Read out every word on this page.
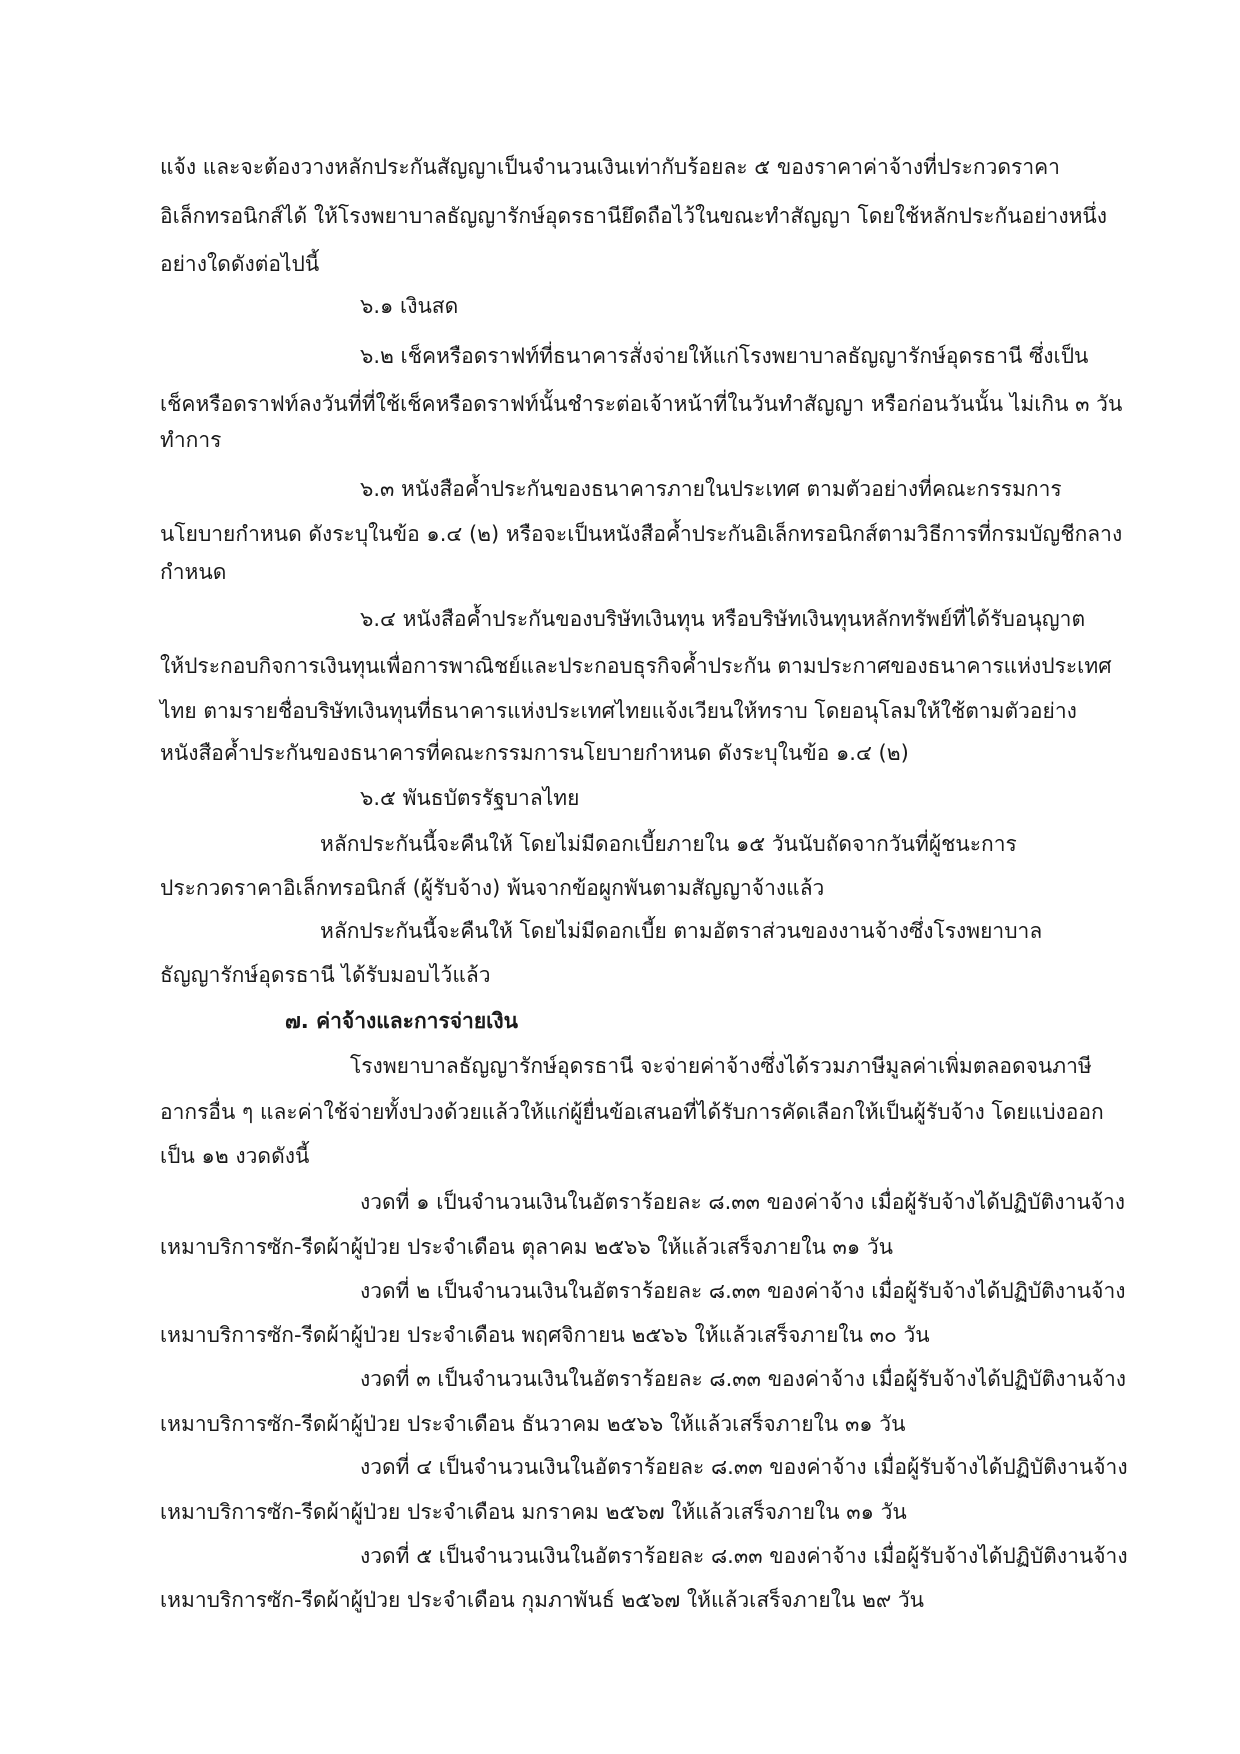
แจ้ง และจะต้องวางหลักประกันสัญญาเป็นจำนวนเงินเท่ากับร้อยละ ๕ ของราคาค่าจ้างที่ประกวดราคา
อิเล็กทรอนิกส์ได้ ให้โรงพยาบาลธัญญารักษ์อุดรธานียึดถือไว้ในขณะทำสัญญา โดยใช้หลักประกันอย่างหนึ่ง
อย่างใดดังต่อไปนี้
๖.๑ เงินสด
๖.๒ เช็คหรือดราฟท์ที่ธนาคารสั่งจ่ายให้แก่โรงพยาบาลธัญญารักษ์อุดรธานี ซึ่งเป็น
เช็คหรือดราฟท์ลงวันที่ที่ใช้เช็คหรือดราฟท์นั้นชำระต่อเจ้าหน้าที่ในวันทำสัญญา หรือก่อนวันนั้น ไม่เกิน ๓ วัน
ทำการ
๖.๓ หนังสือค้ำประกันของธนาคารภายในประเทศ ตามตัวอย่างที่คณะกรรมการ
นโยบายกำหนด ดังระบุในข้อ ๑.๔ (๒) หรือจะเป็นหนังสือค้ำประกันอิเล็กทรอนิกส์ตามวิธีการที่กรมบัญชีกลาง
กำหนด
๖.๔ หนังสือค้ำประกันของบริษัทเงินทุน หรือบริษัทเงินทุนหลักทรัพย์ที่ได้รับอนุญาต
ให้ประกอบกิจการเงินทุนเพื่อการพาณิชย์และประกอบธุรกิจค้ำประกัน ตามประกาศของธนาคารแห่งประเทศ
ไทย ตามรายชื่อบริษัทเงินทุนที่ธนาคารแห่งประเทศไทยแจ้งเวียนให้ทราบ โดยอนุโลมให้ใช้ตามตัวอย่าง
หนังสือค้ำประกันของธนาคารที่คณะกรรมการนโยบายกำหนด ดังระบุในข้อ ๑.๔ (๒)
๖.๕ พันธบัตรรัฐบาลไทย
หลักประกันนี้จะคืนให้ โดยไม่มีดอกเบี้ยภายใน ๑๕ วันนับถัดจากวันที่ผู้ชนะการ
ประกวดราคาอิเล็กทรอนิกส์ (ผู้รับจ้าง) พ้นจากข้อผูกพันตามสัญญาจ้างแล้ว
หลักประกันนี้จะคืนให้ โดยไม่มีดอกเบี้ย ตามอัตราส่วนของงานจ้างซึ่งโรงพยาบาล
ธัญญารักษ์อุดรธานี ได้รับมอบไว้แล้ว
๗. ค่าจ้างและการจ่ายเงิน
โรงพยาบาลธัญญารักษ์อุดรธานี จะจ่ายค่าจ้างซึ่งได้รวมภาษีมูลค่าเพิ่มตลอดจนภาษี
อากรอื่น ๆ และค่าใช้จ่ายทั้งปวงด้วยแล้วให้แก่ผู้ยื่นข้อเสนอที่ได้รับการคัดเลือกให้เป็นผู้รับจ้าง โดยแบ่งออก
เป็น ๑๒ งวดดังนี้
งวดที่ ๑ เป็นจำนวนเงินในอัตราร้อยละ ๘.๓๓ ของค่าจ้าง เมื่อผู้รับจ้างได้ปฏิบัติงานจ้าง
เหมาบริการซัก-รีดผ้าผู้ป่วย ประจำเดือน ตุลาคม ๒๕๖๖ ให้แล้วเสร็จภายใน ๓๑ วัน
งวดที่ ๒ เป็นจำนวนเงินในอัตราร้อยละ ๘.๓๓ ของค่าจ้าง เมื่อผู้รับจ้างได้ปฏิบัติงานจ้าง
เหมาบริการซัก-รีดผ้าผู้ป่วย ประจำเดือน พฤศจิกายน ๒๕๖๖ ให้แล้วเสร็จภายใน ๓๐ วัน
งวดที่ ๓ เป็นจำนวนเงินในอัตราร้อยละ ๘.๓๓ ของค่าจ้าง เมื่อผู้รับจ้างได้ปฏิบัติงานจ้าง
เหมาบริการซัก-รีดผ้าผู้ป่วย ประจำเดือน ธันวาคม ๒๕๖๖ ให้แล้วเสร็จภายใน ๓๑ วัน
งวดที่ ๔ เป็นจำนวนเงินในอัตราร้อยละ ๘.๓๓ ของค่าจ้าง เมื่อผู้รับจ้างได้ปฏิบัติงานจ้าง
เหมาบริการซัก-รีดผ้าผู้ป่วย ประจำเดือน มกราคม ๒๕๖๗ ให้แล้วเสร็จภายใน ๓๑ วัน
งวดที่ ๕ เป็นจำนวนเงินในอัตราร้อยละ ๘.๓๓ ของค่าจ้าง เมื่อผู้รับจ้างได้ปฏิบัติงานจ้าง
เหมาบริการซัก-รีดผ้าผู้ป่วย ประจำเดือน กุมภาพันธ์ ๒๕๖๗ ให้แล้วเสร็จภายใน ๒๙ วัน
